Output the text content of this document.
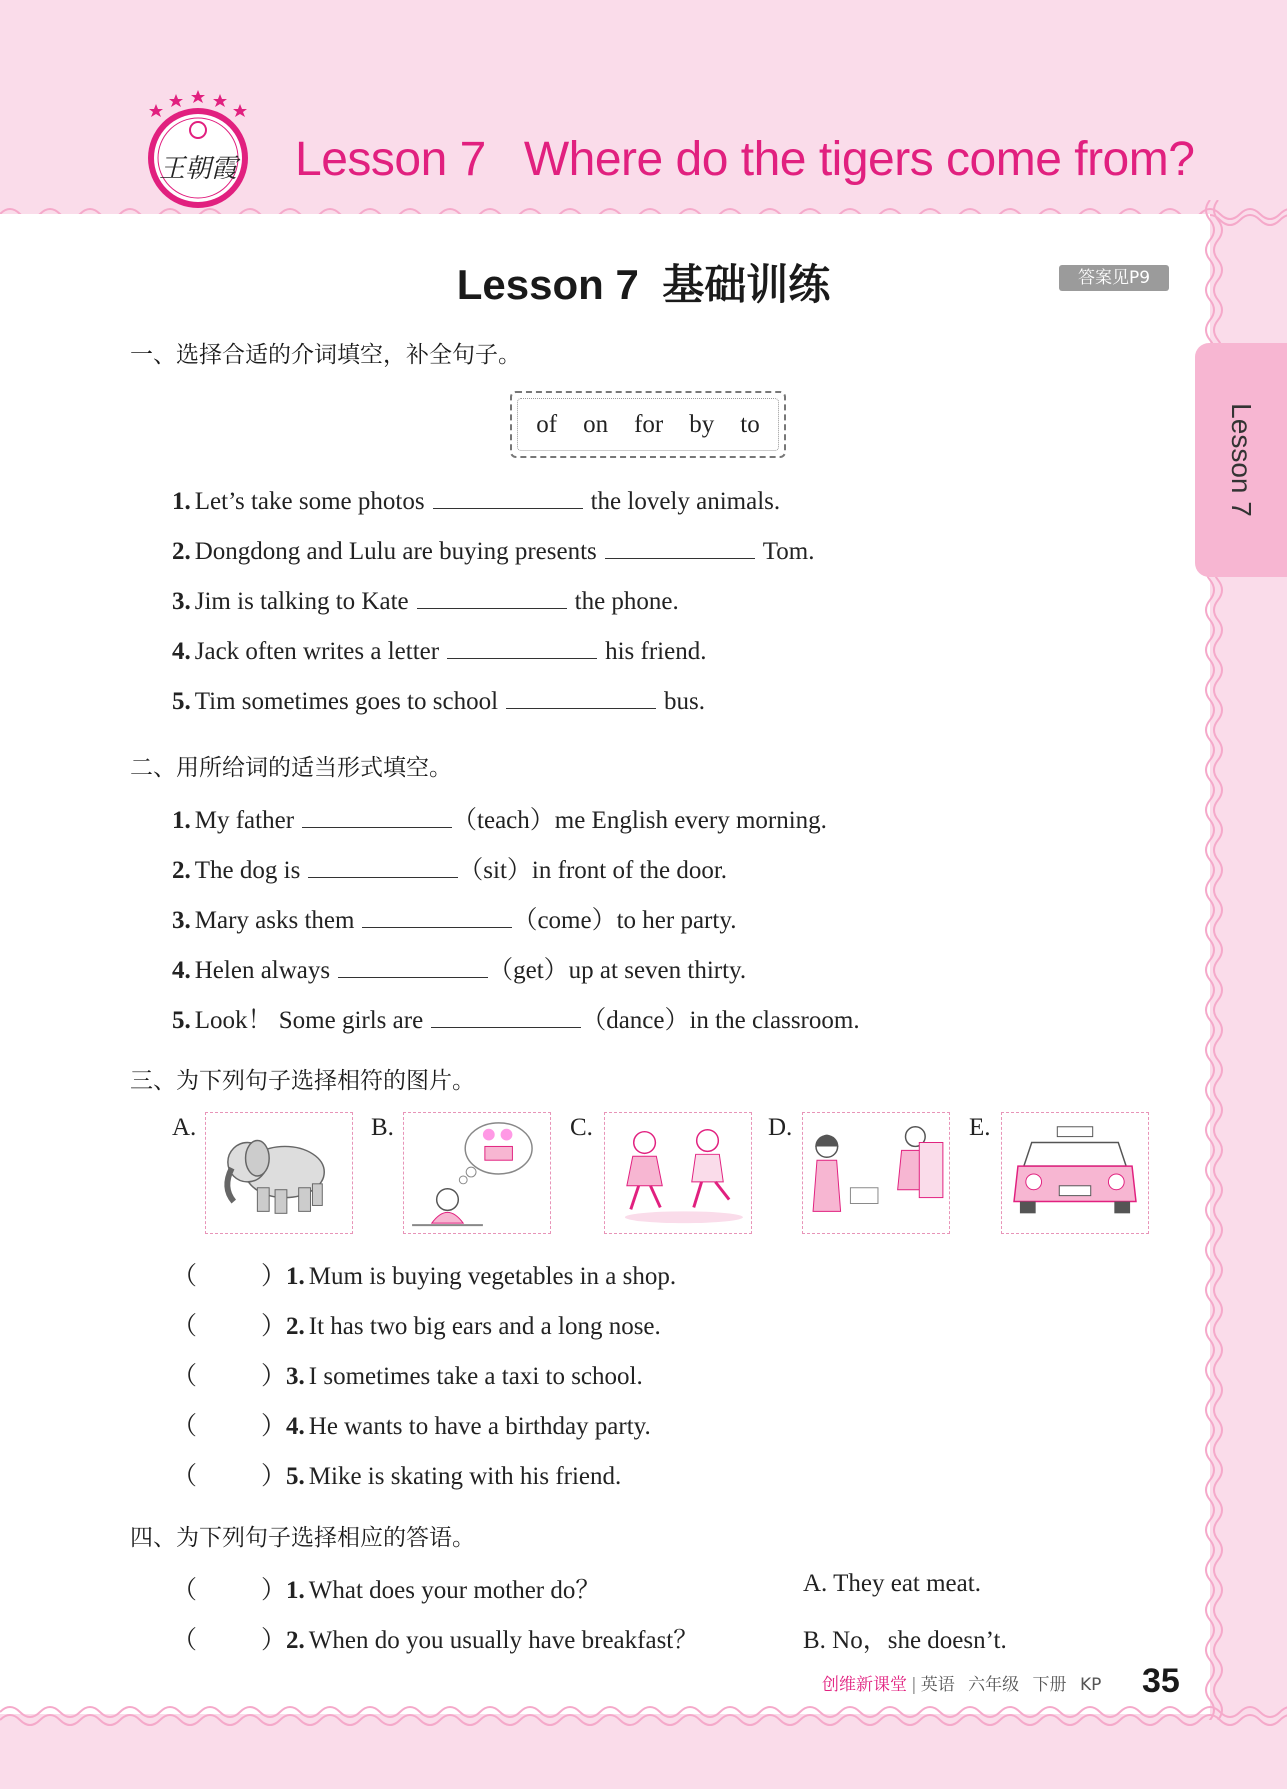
王朝霞 Lesson 7 Where do the tigers come from?
Lesson 7
Lesson 7  基础训练	答案见P9
一、选择合适的介词填空，补全句子。
of on for by to
1. Let’s take some photos	the lovely animals.
2. Dongdong and Lulu are buying presents	Tom.
3. Jim is talking to Kate	the phone.
4. Jack often writes a letter	his friend.
5. Tim sometimes goes to school	bus.
二、用所给词的适当形式填空。
1. My father	（teach）me English every morning.
2. The dog is	（sit）in front of the door.
3. Mary asks them	（come）to her party.
4. Helen always	（get）up at seven thirty.
5. Look！ Some girls are	（dance）in the classroom.
三、为下列句子选择相符的图片。
A.	B.	C.	D.	E.
（	）1. Mum is buying vegetables in a shop.
（	）2. It has two big ears and a long nose.
（	）3. I sometimes take a taxi to school.
（	）4. He wants to have a birthday party.
（	）5. Mike is skating with his friend.
四、为下列句子选择相应的答语。
（	）1. What does your mother do？	A. They eat meat.
（	）2. When do you usually have breakfast？	B. No，she doesn’t.
创维新课堂 | 英语 六年级 下册 KP 35
